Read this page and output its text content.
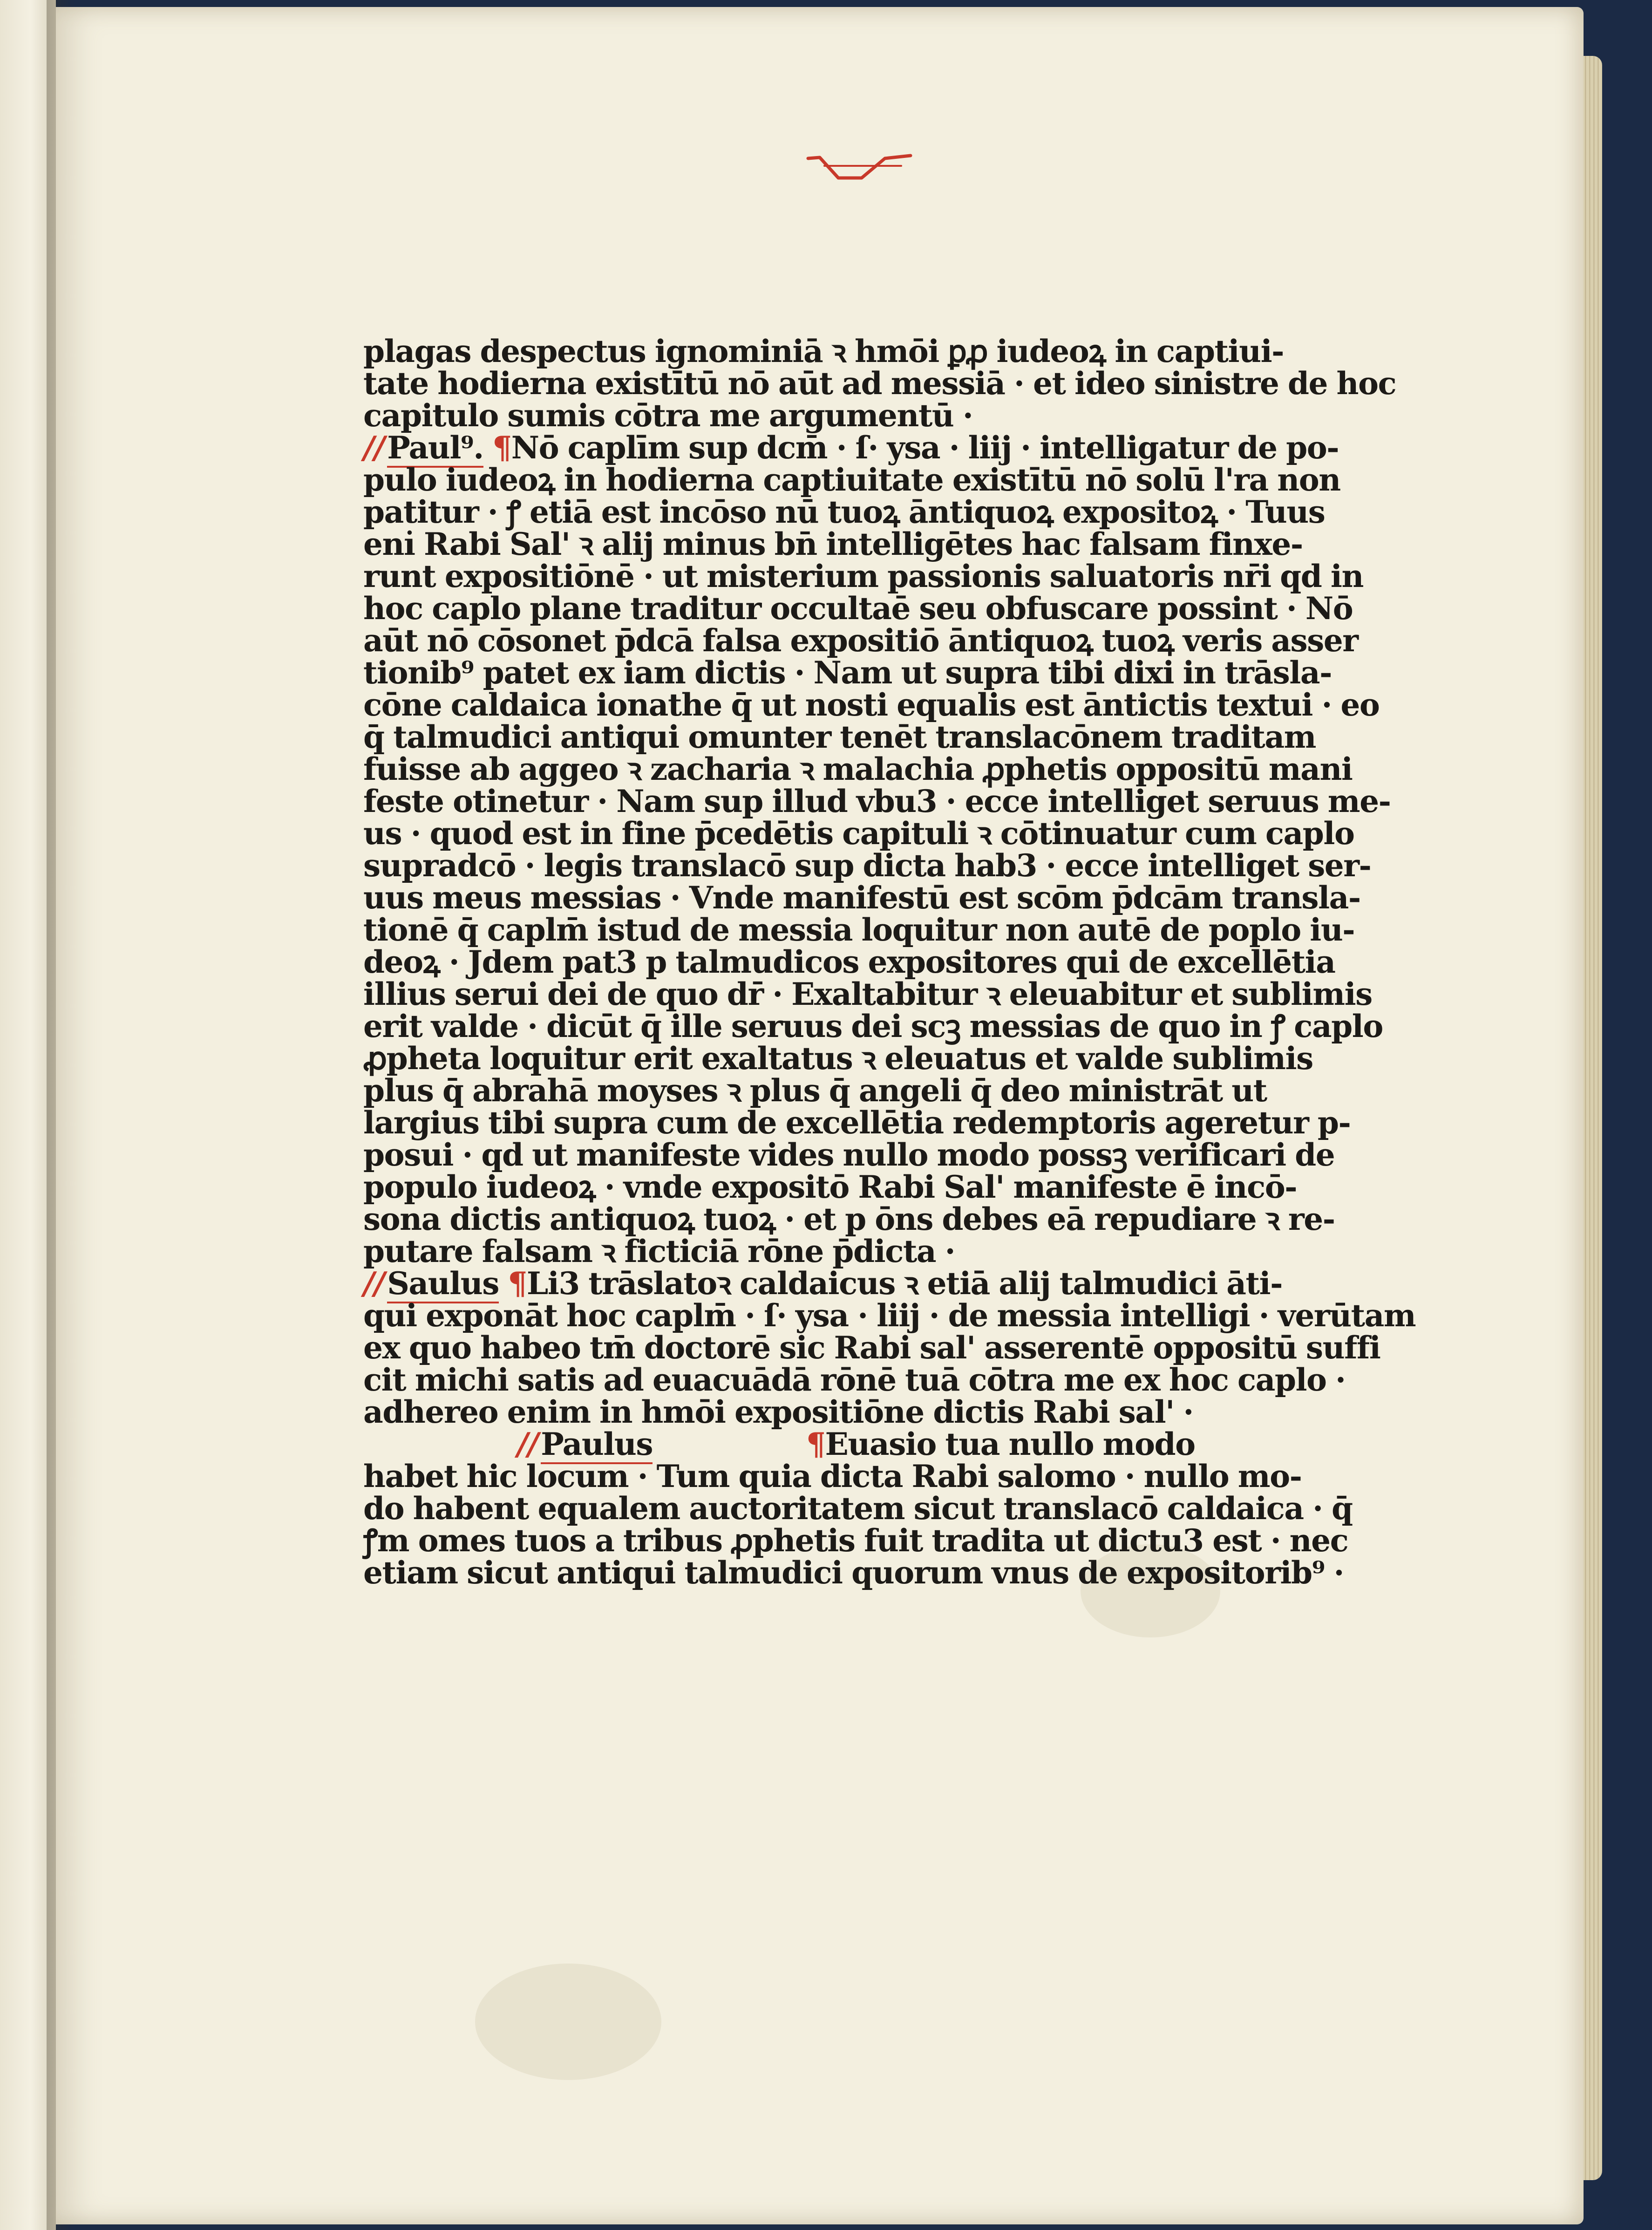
plagas despectus ignominiā ꝛ hmōi ꝑꝓ iudeoꝝ in captiui-
tate hodierna existītū nō aūt ad messiā · et ideo sinistre de hoc
capitulo sumis cōtra me argumentū ·
//Paul⁹. ¶Nō caplīm sup dcm̄ · ſ· ysa · liij · intelligatur de po-
pulo iudeoꝝ in hodierna captiuitate existītū nō solū l'ra non
patitur · ꝭ etiā est incōso nū tuoꝝ āntiquoꝝ expositoꝝ · Tuus
eni̇ Rabi Sal' ꝛ alij minus bn̄ intelligētes hac falsam finxe-
runt expositiōnē · ut misterium passionis saluatoris nr̄i qd in
hoc caplo plane traditur occultaē seu obfuscare possint · Nō
aūt nō cōsonet p̄dcā falsa expositiō āntiquoꝝ tuoꝝ veris asser
tionib⁹ patet ex iam dictis · Nam ut supra tibi dixi in trāsla-
cōne caldaica ionathe q̄ ut nosti equalis est āntictis textui · eo
q̄ talmudici antiqui omunter tenēt translacōnem traditam
fuisse ab aggeo ꝛ zacharia ꝛ malachia ꝓphetis oppositū mani
feste otinetur · Nam sup illud vbu3 · ecce intelliget seruus me-
us · quod est in fine p̄cedētis capituli ꝛ cōtinuatur cum caplo
supradcō · legis translacō sup dicta hab3 · ecce intelliget ser-
uus meus messias · Vnde manifestū est scōm p̄dcām transla-
tionē q̄ caplm̄ istud de messia loquitur non autē de poplo iu-
deoꝝ · Jdem pat3 p talmudicos expositores qui de excellētia
illius serui dei de quo dr̄ · Exaltabitur ꝛ eleuabitur et sublimis
erit valde · dicūt q̄ ille seruus dei scꝫ messias de quo in ꝭ caplo
ꝓpheta loquitur erit exaltatus ꝛ eleuatus et valde sublimis
plus q̄ abrahā moyses ꝛ plus q̄ angeli q̄ deo ministrāt ut
largius tibi supra cum de excellētia redemptoris ageretur p-
posui · qd ut manifeste vides nullo modo possꝫ verificari de
populo iudeoꝝ · vnde expositō Rabi Sal' manifeste ē incō-
sona dictis antiquoꝝ tuoꝝ · et p ōns debes eā repudiare ꝛ re-
putare falsam ꝛ ficticiā rōne p̄dicta ·
//Saulus ¶Li3 trāslatoꝛ caldaicus ꝛ etiā alij talmudici āti-
qui exponāt hoc caplm̄ · ſ· ysa · liij · de messia intelligi · verūtam
ex quo habeo tm̄ doctorē sic Rabi sal' asserentē oppositū suffi
cit michi satis ad euacuādā rōnē tuā cōtra me ex hoc caplo ·
adhereo enim in hmōi expositiōne dictis Rabi sal' ·
//Paulus	¶Euasio tua nullo modo
habet hic locum · Tum quia dicta Rabi salomo · nullo mo-
do habent equalem auctoritatem sicut translacō caldaica · q̄
ꝭm omes tuos a tribus ꝓphetis fuit tradita ut dictu3 est · nec
etiam sicut antiqui talmudici quorum vnus de expositorib⁹ ·
